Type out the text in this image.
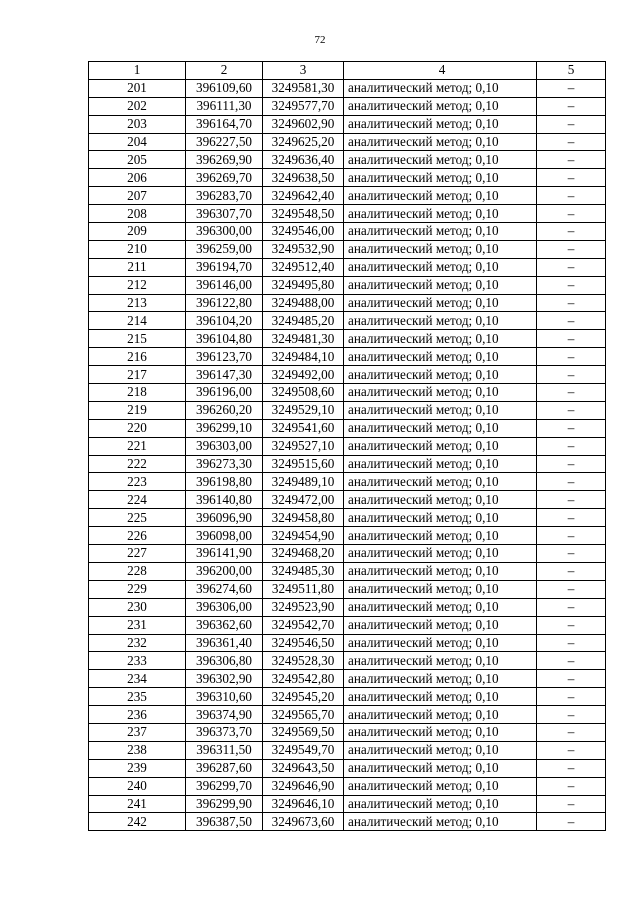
72
1	2	3	4	5
201	396109,60	3249581,30	аналитический метод; 0,10	–
202	396111,30	3249577,70	аналитический метод; 0,10	–
203	396164,70	3249602,90	аналитический метод; 0,10	–
204	396227,50	3249625,20	аналитический метод; 0,10	–
205	396269,90	3249636,40	аналитический метод; 0,10	–
206	396269,70	3249638,50	аналитический метод; 0,10	–
207	396283,70	3249642,40	аналитический метод; 0,10	–
208	396307,70	3249548,50	аналитический метод; 0,10	–
209	396300,00	3249546,00	аналитический метод; 0,10	–
210	396259,00	3249532,90	аналитический метод; 0,10	–
211	396194,70	3249512,40	аналитический метод; 0,10	–
212	396146,00	3249495,80	аналитический метод; 0,10	–
213	396122,80	3249488,00	аналитический метод; 0,10	–
214	396104,20	3249485,20	аналитический метод; 0,10	–
215	396104,80	3249481,30	аналитический метод; 0,10	–
216	396123,70	3249484,10	аналитический метод; 0,10	–
217	396147,30	3249492,00	аналитический метод; 0,10	–
218	396196,00	3249508,60	аналитический метод; 0,10	–
219	396260,20	3249529,10	аналитический метод; 0,10	–
220	396299,10	3249541,60	аналитический метод; 0,10	–
221	396303,00	3249527,10	аналитический метод; 0,10	–
222	396273,30	3249515,60	аналитический метод; 0,10	–
223	396198,80	3249489,10	аналитический метод; 0,10	–
224	396140,80	3249472,00	аналитический метод; 0,10	–
225	396096,90	3249458,80	аналитический метод; 0,10	–
226	396098,00	3249454,90	аналитический метод; 0,10	–
227	396141,90	3249468,20	аналитический метод; 0,10	–
228	396200,00	3249485,30	аналитический метод; 0,10	–
229	396274,60	3249511,80	аналитический метод; 0,10	–
230	396306,00	3249523,90	аналитический метод; 0,10	–
231	396362,60	3249542,70	аналитический метод; 0,10	–
232	396361,40	3249546,50	аналитический метод; 0,10	–
233	396306,80	3249528,30	аналитический метод; 0,10	–
234	396302,90	3249542,80	аналитический метод; 0,10	–
235	396310,60	3249545,20	аналитический метод; 0,10	–
236	396374,90	3249565,70	аналитический метод; 0,10	–
237	396373,70	3249569,50	аналитический метод; 0,10	–
238	396311,50	3249549,70	аналитический метод; 0,10	–
239	396287,60	3249643,50	аналитический метод; 0,10	–
240	396299,70	3249646,90	аналитический метод; 0,10	–
241	396299,90	3249646,10	аналитический метод; 0,10	–
242	396387,50	3249673,60	аналитический метод; 0,10	–
